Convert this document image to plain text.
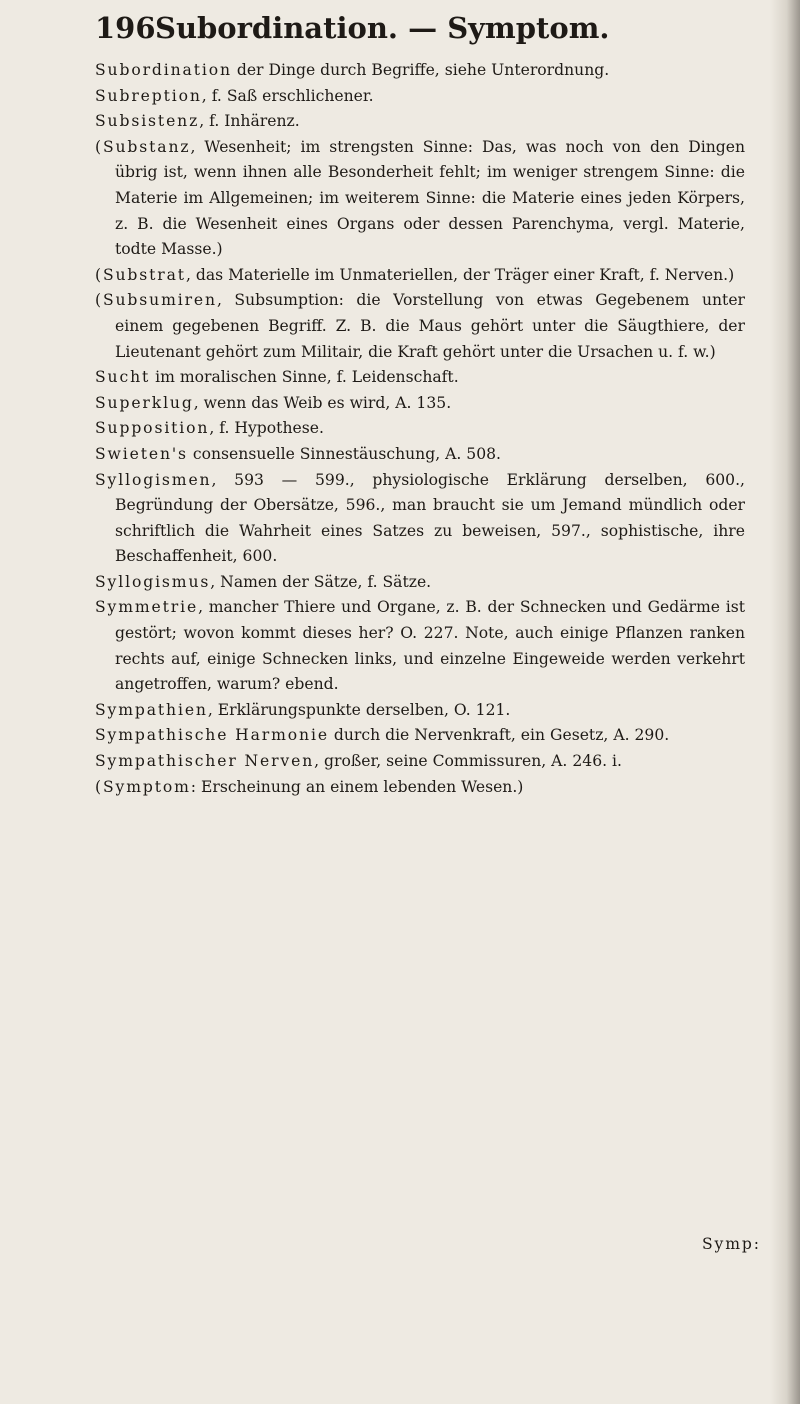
196 Subordination. — Symptom.

Subordination der Dinge durch Begriffe, siehe Unterordnung.

Subreption, f. Saß erschlichener.

Subsistenz, f. Inhärenz.

(Substanz, Wesenheit; im strengsten Sinne: Das, was noch von den Dingen übrig ist, wenn ihnen alle Besonderheit fehlt; im weniger strengem Sinne: die Materie im Allgemeinen; im weiterem Sinne: die Materie eines jeden Körpers, z. B. die Wesenheit eines Organs oder dessen Parenchyma, vergl. Materie, todte Masse.)

(Substrat, das Materielle im Unmateriellen, der Träger einer Kraft, f. Nerven.)

(Subsumiren, Subsumption: die Vorstellung von etwas Gegebenem unter einem gegebenen Begriff. Z. B. die Maus gehört unter die Säugthiere, der Lieutenant gehört zum Militair, die Kraft gehört unter die Ursachen u. f. w.)

Sucht im moralischen Sinne, f. Leidenschaft.

Superklug, wenn das Weib es wird, A. 135.

Supposition, f. Hypothese.

Swieten's consensuelle Sinnestäuschung, A. 508.

Syllogismen, 593 — 599., physiologische Erklärung derselben, 600., Begründung der Obersätze, 596., man braucht sie um Jemand mündlich oder schriftlich die Wahrheit eines Satzes zu beweisen, 597., sophistische, ihre Beschaffenheit, 600.

Syllogismus, Namen der Sätze, f. Sätze.

Symmetrie, mancher Thiere und Organe, z. B. der Schnecken und Gedärme ist gestört; wovon kommt dieses her? O. 227. Note, auch einige Pflanzen ranken rechts auf, einige Schnecken links, und einzelne Eingeweide werden verkehrt angetroffen, warum? ebend.

Sympathien, Erklärungspunkte derselben, O. 121.

Sympathische Harmonie durch die Nervenkraft, ein Gesetz, A. 290.

Sympathischer Nerven, großer, seine Commissuren, A. 246. i.

(Symptom: Erscheinung an einem lebenden Wesen.)

Symp:
